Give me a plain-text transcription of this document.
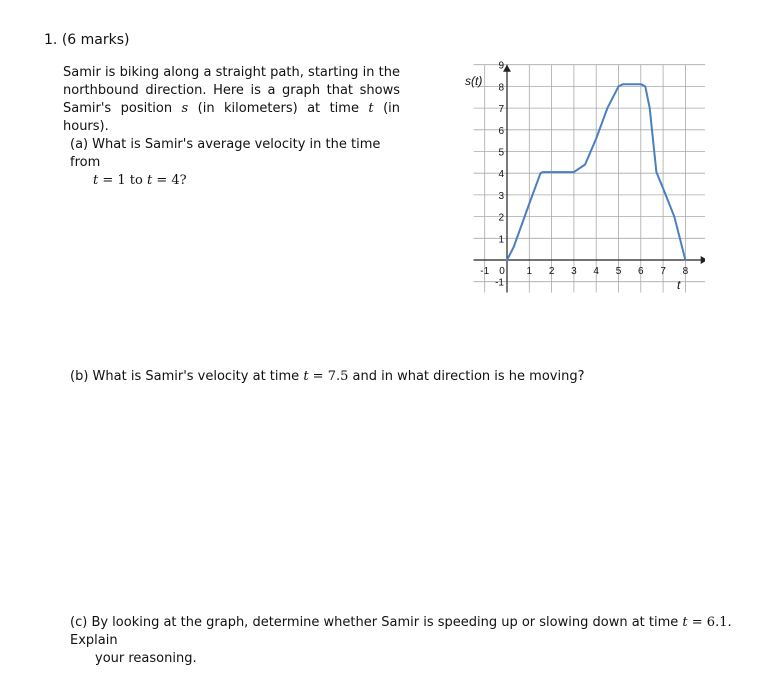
1. (6 marks)
Samir is biking along a straight path, starting in the northbound direction. Here is a graph that shows Samir's position s (in kilometers) at time t (in hours).
(a) What is Samir's average velocity in the time from
t = 1 to t = 4?
(b) What is Samir's velocity at time t = 7.5 and in what direction is he moving?
(c) By looking at the graph, determine whether Samir is speeding up or slowing down at time t = 6.1. Explain
your reasoning.
-1 0 1 2 3 4 5 6 7 8
9
8
7
6
5
4
3
2
1
-1
s(t)
t
